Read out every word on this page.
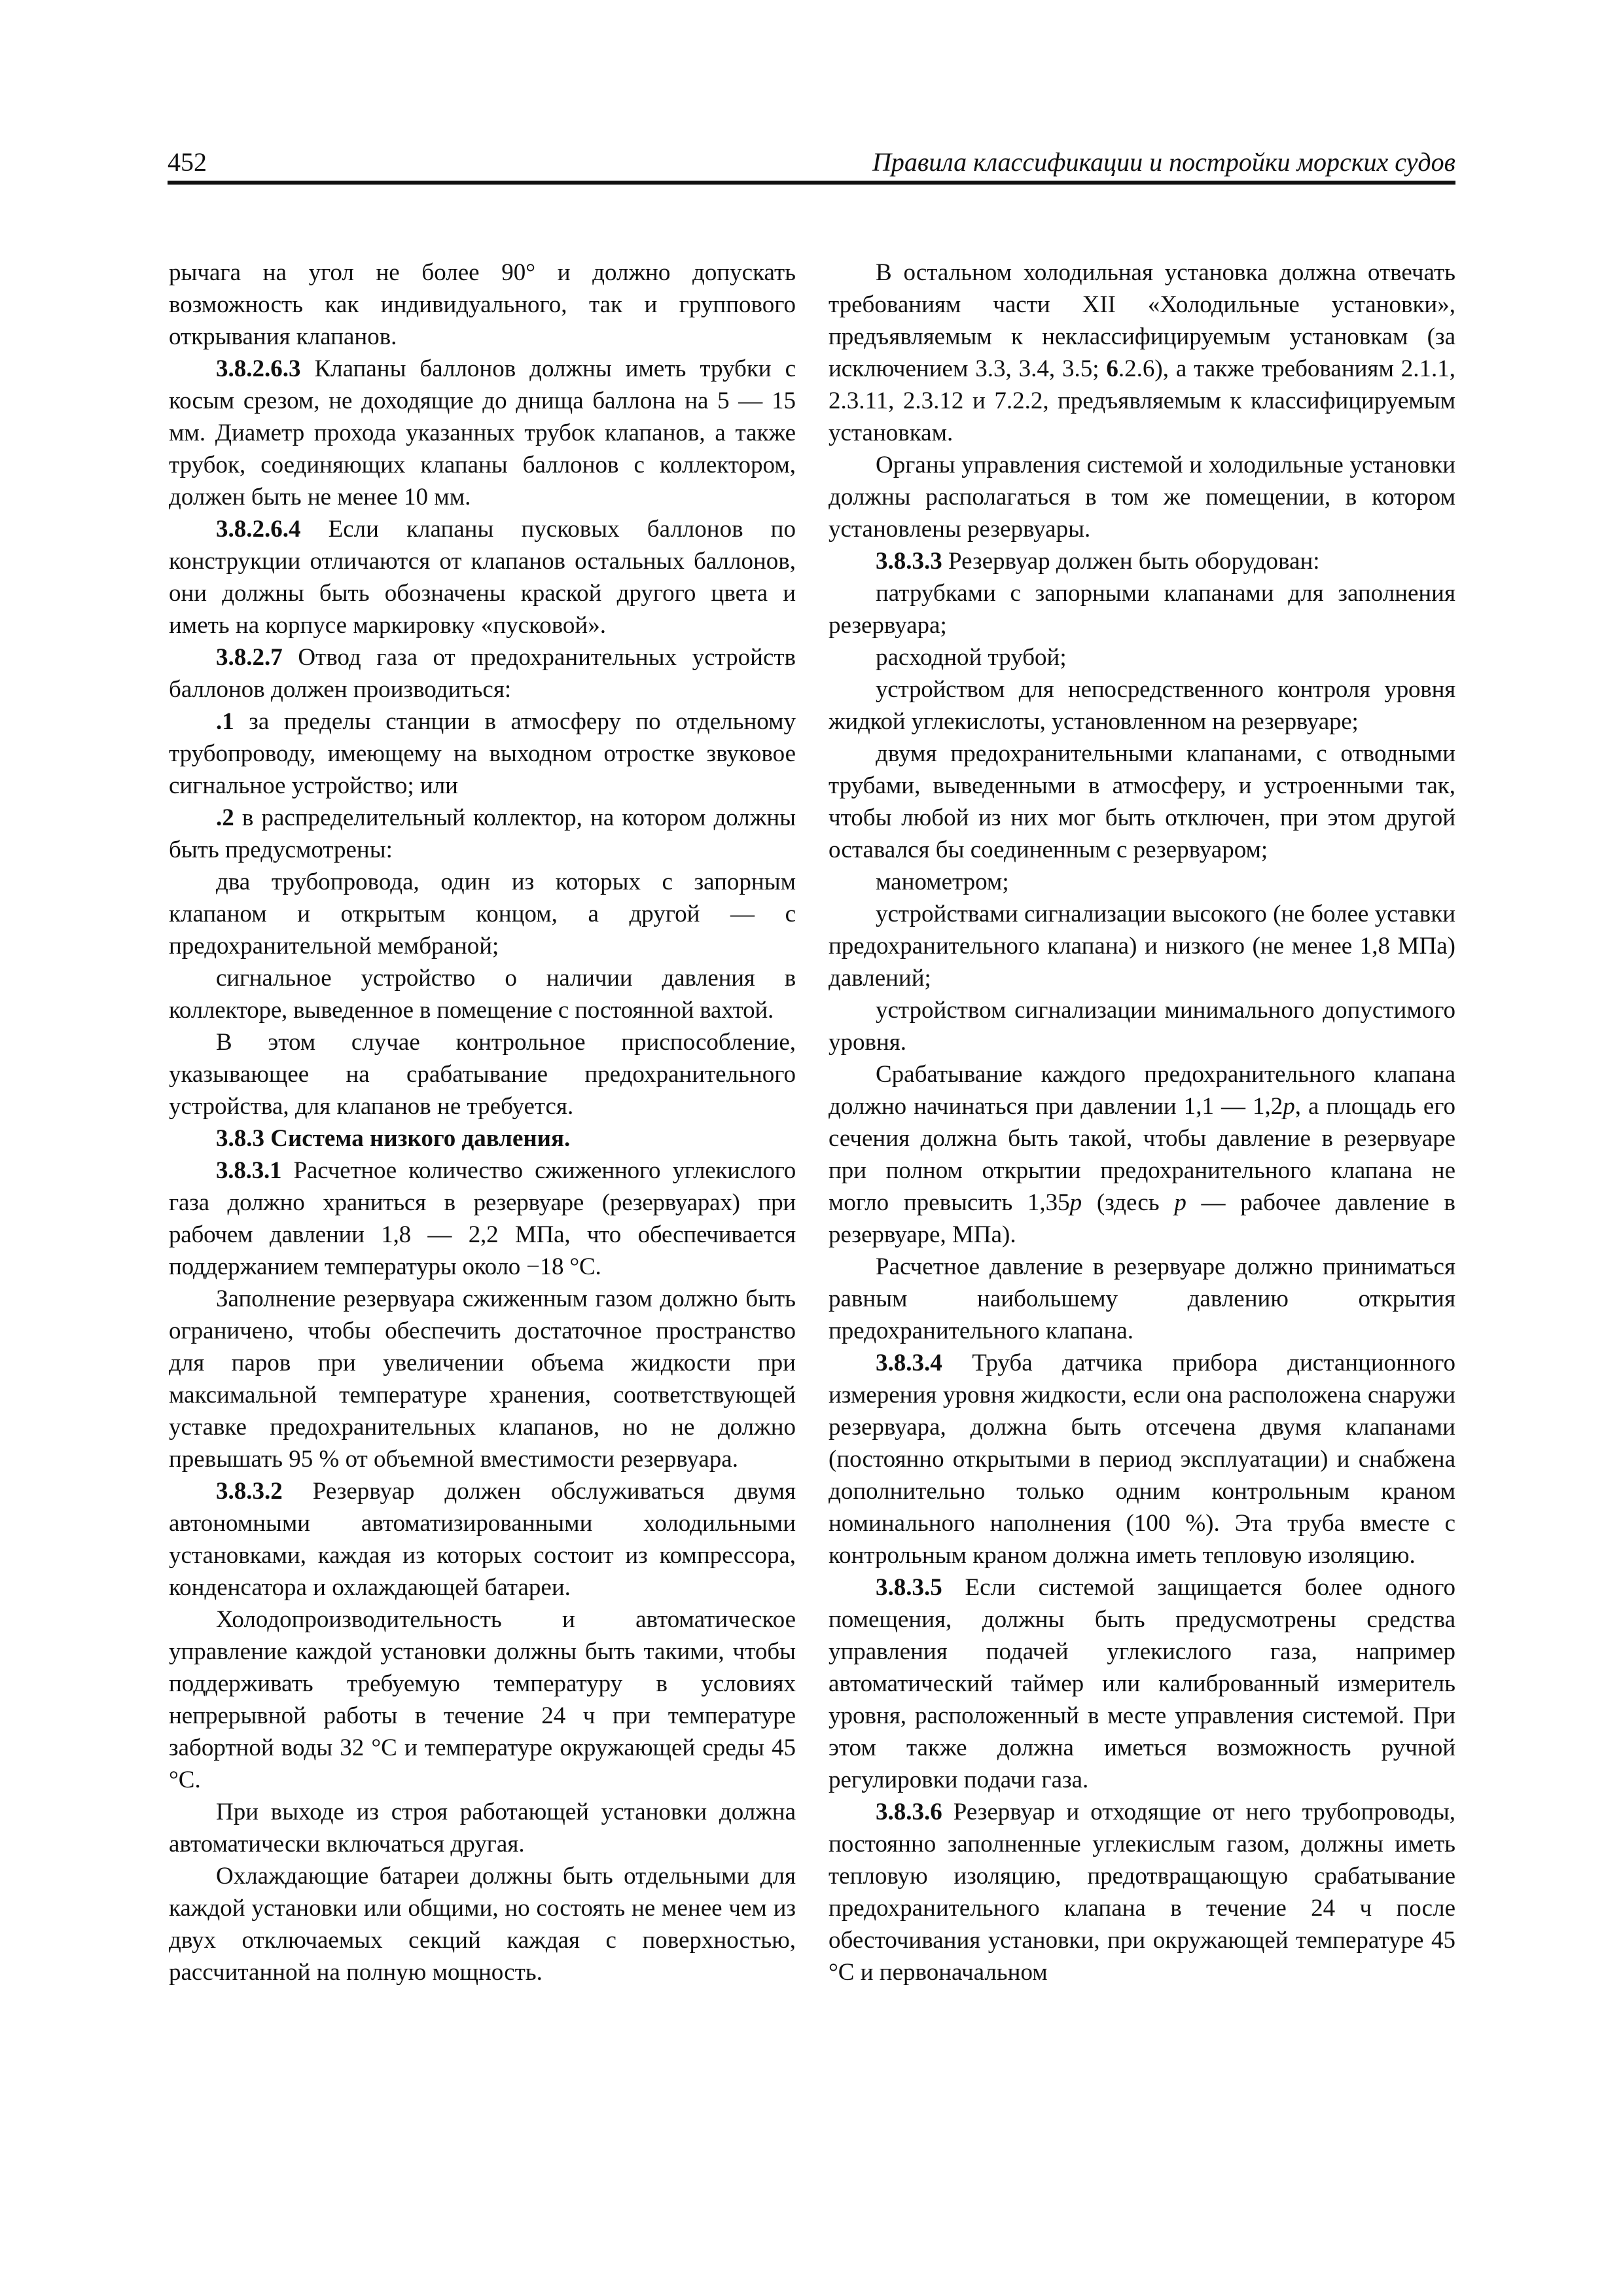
452	Правила классификации и постройки морских судов

рычага на угол не более 90° и должно допускать возможность как индивидуального, так и группового открывания клапанов.

3.8.2.6.3 Клапаны баллонов должны иметь трубки с косым срезом, не доходящие до днища баллона на 5 — 15 мм. Диаметр прохода указанных трубок клапанов, а также трубок, соединяющих клапаны баллонов с коллектором, должен быть не менее 10 мм.

3.8.2.6.4 Если клапаны пусковых баллонов по конструкции отличаются от клапанов остальных баллонов, они должны быть обозначены краской другого цвета и иметь на корпусе маркировку «пусковой».

3.8.2.7 Отвод газа от предохранительных устройств баллонов должен производиться:

.1 за пределы станции в атмосферу по отдельному трубопроводу, имеющему на выходном отростке звуковое сигнальное устройство; или

.2 в распределительный коллектор, на котором должны быть предусмотрены:

два трубопровода, один из которых с запорным клапаном и открытым концом, а другой — с предохранительной мембраной;

сигнальное устройство о наличии давления в коллекторе, выведенное в помещение с постоянной вахтой.

В этом случае контрольное приспособление, указывающее на срабатывание предохранительного устройства, для клапанов не требуется.

3.8.3 Система низкого давления.

3.8.3.1 Расчетное количество сжиженного углекислого газа должно храниться в резервуаре (резервуарах) при рабочем давлении 1,8 — 2,2 МПа, что обеспечивается поддержанием температуры около −18 °С.

Заполнение резервуара сжиженным газом должно быть ограничено, чтобы обеспечить достаточное пространство для паров при увеличении объема жидкости при максимальной температуре хранения, соответствующей уставке предохранительных клапанов, но не должно превышать 95 % от объемной вместимости резервуара.

3.8.3.2 Резервуар должен обслуживаться двумя автономными автоматизированными холодильными установками, каждая из которых состоит из компрессора, конденсатора и охлаждающей батареи.

Холодопроизводительность и автоматическое управление каждой установки должны быть такими, чтобы поддерживать требуемую температуру в условиях непрерывной работы в течение 24 ч при температуре забортной воды 32 °С и температуре окружающей среды 45 °С.

При выходе из строя работающей установки должна автоматически включаться другая.

Охлаждающие батареи должны быть отдельными для каждой установки или общими, но состоять не менее чем из двух отключаемых секций каждая с поверхностью, рассчитанной на полную мощность.

В остальном холодильная установка должна отвечать требованиям части XII «Холодильные установки», предъявляемым к неклассифицируемым установкам (за исключением 3.3, 3.4, 3.5; 6.2.6), а также требованиям 2.1.1, 2.3.11, 2.3.12 и 7.2.2, предъявляемым к классифицируемым установкам.

Органы управления системой и холодильные установки должны располагаться в том же помещении, в котором установлены резервуары.

3.8.3.3 Резервуар должен быть оборудован:

патрубками с запорными клапанами для заполнения резервуара;

расходной трубой;

устройством для непосредственного контроля уровня жидкой углекислоты, установленном на резервуаре;

двумя предохранительными клапанами, с отводными трубами, выведенными в атмосферу, и устроенными так, чтобы любой из них мог быть отключен, при этом другой оставался бы соединенным с резервуаром;

манометром;

устройствами сигнализации высокого (не более уставки предохранительного клапана) и низкого (не менее 1,8 МПа) давлений;

устройством сигнализации минимального допустимого уровня.

Срабатывание каждого предохранительного клапана должно начинаться при давлении 1,1 — 1,2p, а площадь его сечения должна быть такой, чтобы давление в резервуаре при полном открытии предохранительного клапана не могло превысить 1,35p (здесь p — рабочее давление в резервуаре, МПа).

Расчетное давление в резервуаре должно приниматься равным наибольшему давлению открытия предохранительного клапана.

3.8.3.4 Труба датчика прибора дистанционного измерения уровня жидкости, если она расположена снаружи резервуара, должна быть отсечена двумя клапанами (постоянно открытыми в период эксплуатации) и снабжена дополнительно только одним контрольным краном номинального наполнения (100 %). Эта труба вместе с контрольным краном должна иметь тепловую изоляцию.

3.8.3.5 Если системой защищается более одного помещения, должны быть предусмотрены средства управления подачей углекислого газа, например автоматический таймер или калиброванный измеритель уровня, расположенный в месте управления системой. При этом также должна иметься возможность ручной регулировки подачи газа.

3.8.3.6 Резервуар и отходящие от него трубопроводы, постоянно заполненные углекислым газом, должны иметь тепловую изоляцию, предотвращающую срабатывание предохранительного клапана в течение 24 ч после обесточивания установки, при окружающей температуре 45 °С и первоначальном
